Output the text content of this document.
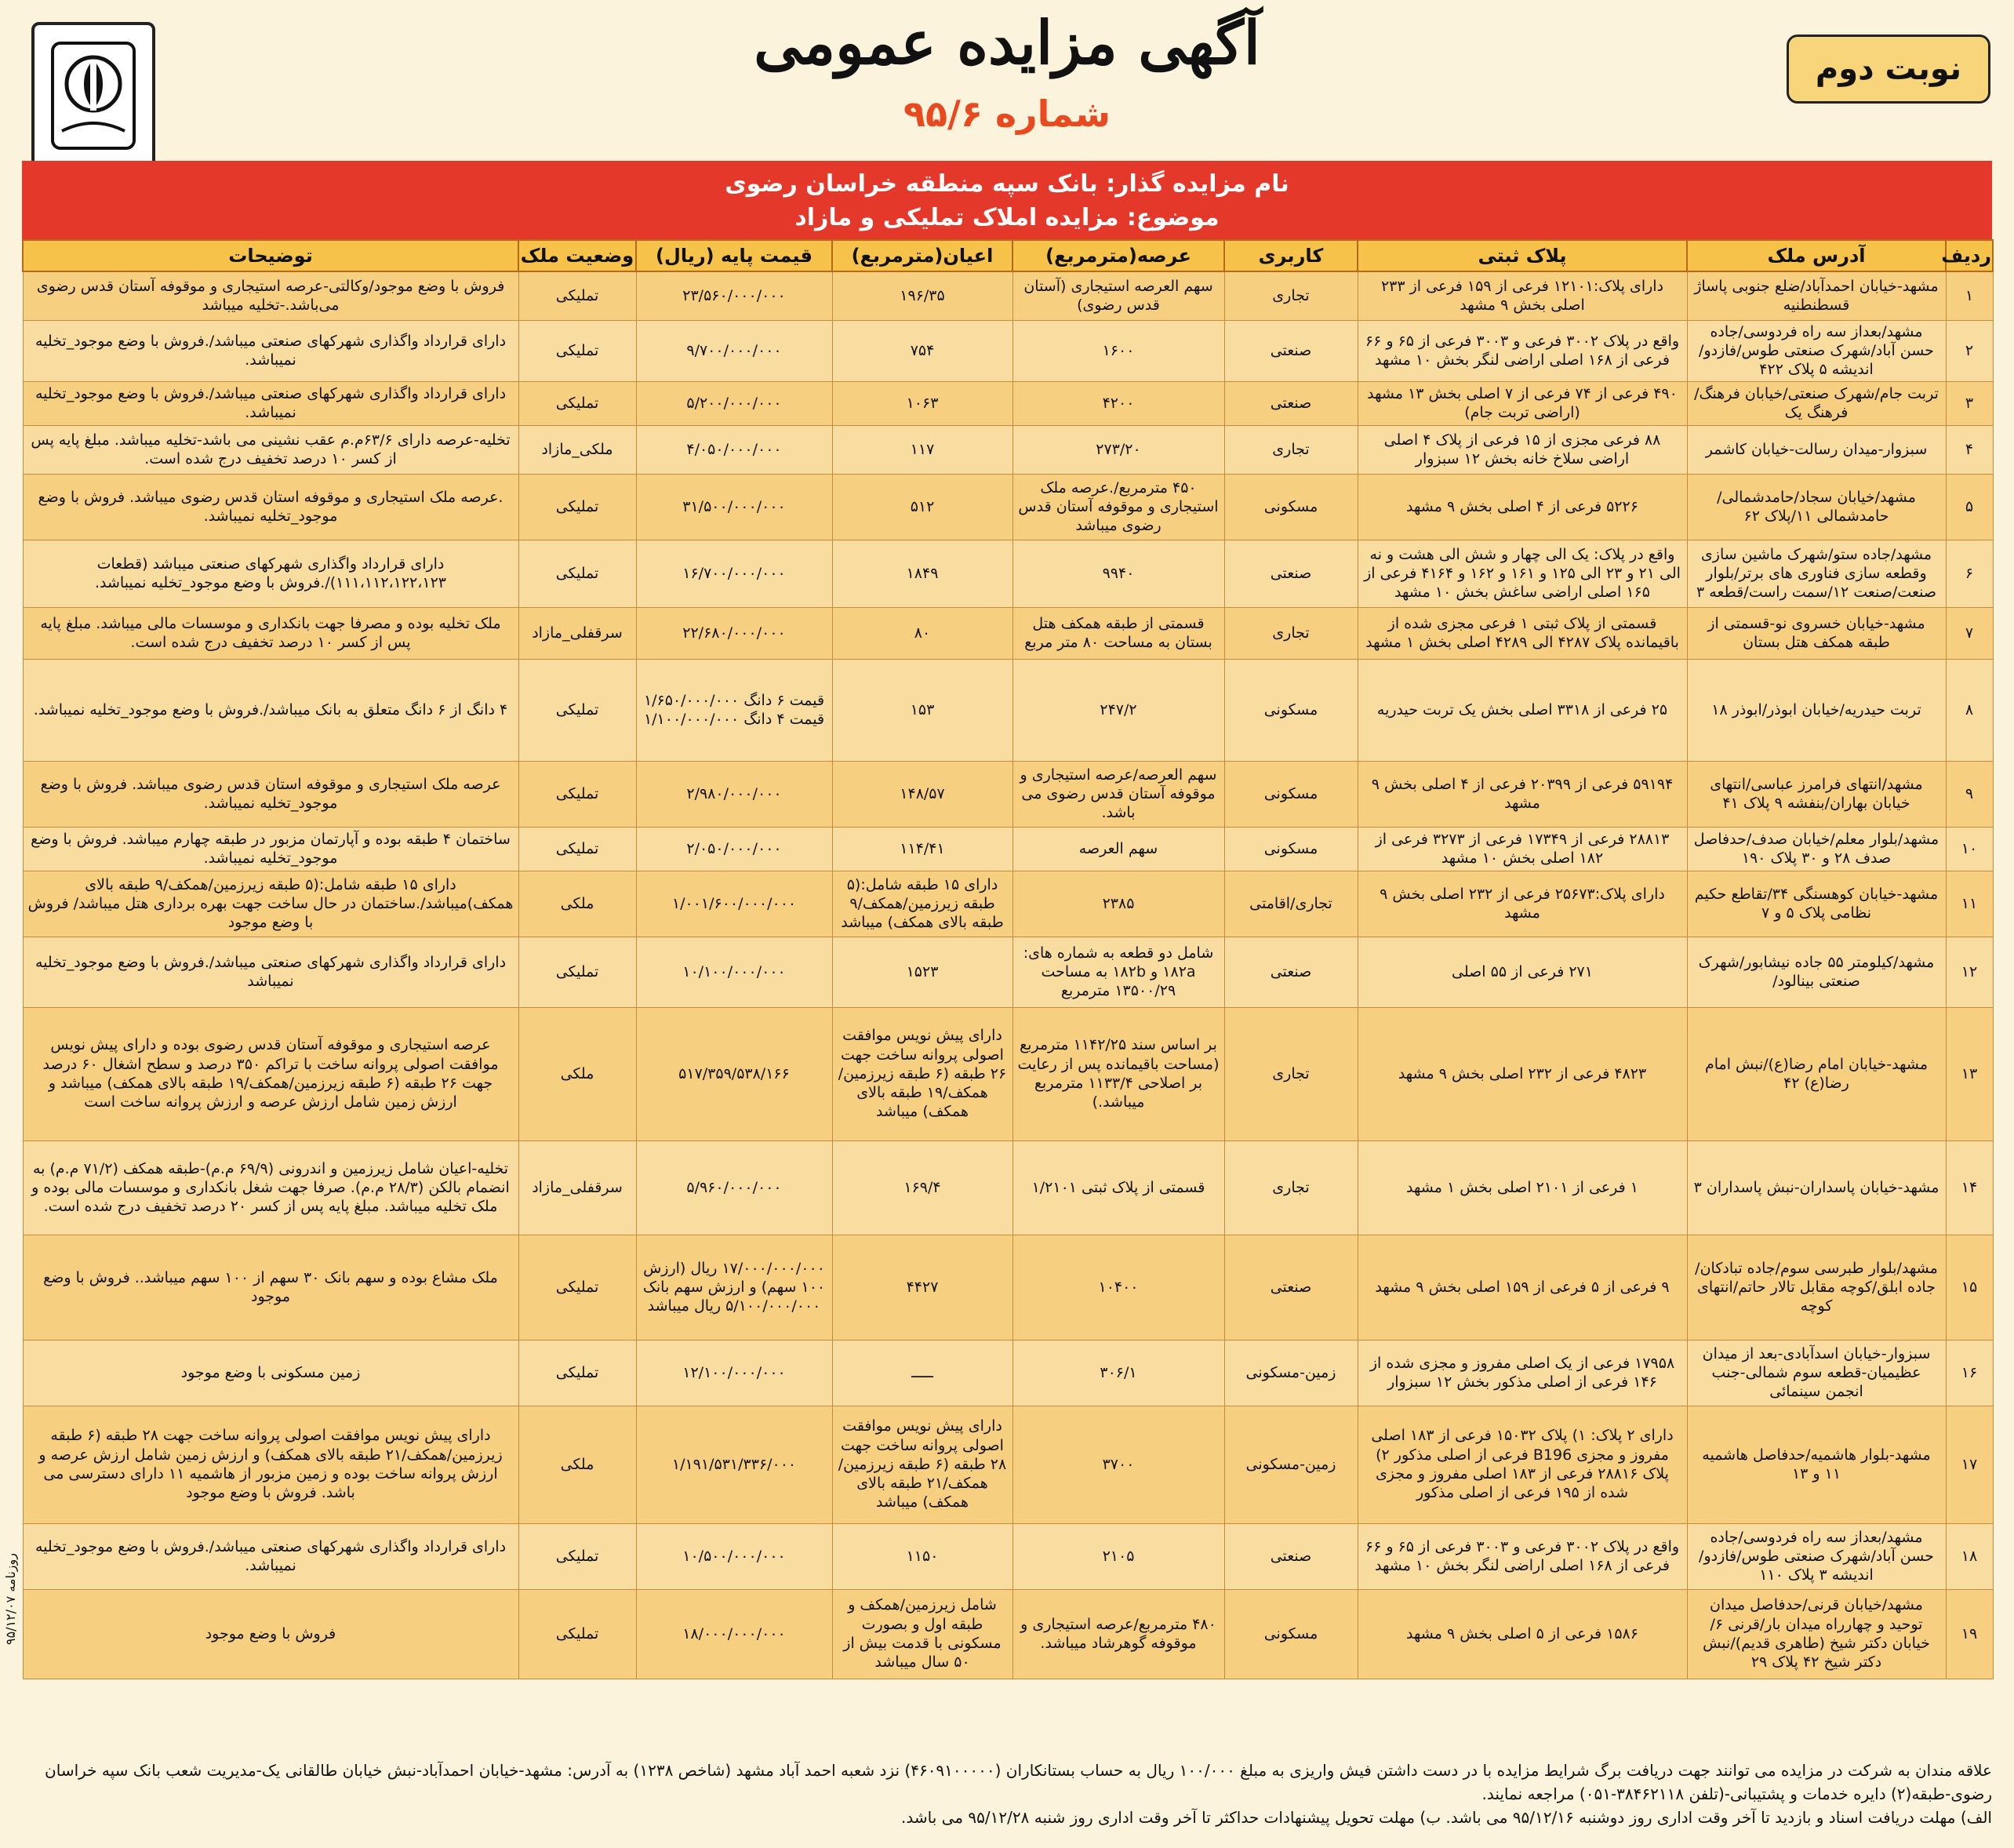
نوبت دوم
آگهی مزایده عمومی
شماره ۹۵/۶
نام مزایده گذار: بانک سپه منطقه خراسان رضوی
موضوع: مزایده املاک تملیکی و مازاد
ردیف	آدرس ملک	پلاک ثبتی	کاربری	عرصه(مترمربع)	اعیان(مترمربع)	قیمت پایه (ریال)	وضعیت ملک	توضیحات
۱	مشهد-خیابان احمدآباد/ضلع جنوبی پاساژ قسطنطنیه	دارای پلاک:۱۲۱۰۱ فرعی از ۱۵۹ فرعی از ۲۳۳ اصلی بخش ۹ مشهد	تجاری	سهم العرصه استیجاری (آستان قدس رضوی)	۱۹۶/۳۵	۲۳/۵۶۰/۰۰۰/۰۰۰	تملیکی	فروش با وضع موجود/وکالتی-عرصه استیجاری و موقوفه آستان قدس رضوی می‌باشد.-تخلیه میباشد
۲	مشهد/بعداز سه راه فردوسی/جاده حسن آباد/شهرک صنعتی طوس/فازدو/اندیشه ۵ پلاک ۴۲۲	واقع در پلاک ۳۰۰۲ فرعی و ۳۰۰۳ فرعی از ۶۵ و ۶۶ فرعی از ۱۶۸ اصلی اراضی لنگر بخش ۱۰ مشهد	صنعتی	۱۶۰۰	۷۵۴	۹/۷۰۰/۰۰۰/۰۰۰	تملیکی	دارای قرارداد واگذاری شهرکهای صنعتی میباشد/.فروش با وضع موجود_تخلیه نمیباشد.
۳	تربت جام/شهرک صنعتی/خیابان فرهنگ/فرهنگ یک	۴۹۰ فرعی از ۷۴ فرعی از ۷ اصلی بخش ۱۳ مشهد (اراضی تربت جام)	صنعتی	۴۲۰۰	۱۰۶۳	۵/۲۰۰/۰۰۰/۰۰۰	تملیکی	دارای قرارداد واگذاری شهرکهای صنعتی میباشد/.فروش با وضع موجود_تخلیه نمیباشد.
۴	سبزوار-میدان رسالت-خیابان کاشمر	۸۸ فرعی مجزی از ۱۵ فرعی از پلاک ۴ اصلی اراضی سلاخ خانه بخش ۱۲ سبزوار	تجاری	۲۷۳/۲۰	۱۱۷	۴/۰۵۰/۰۰۰/۰۰۰	ملکی_مازاد	تخلیه-عرصه دارای ۶۳/۶م.م عقب نشینی می باشد-تخلیه میباشد. مبلغ پایه پس از کسر ۱۰ درصد تخفیف درج شده است.
۵	مشهد/خیابان سجاد/حامدشمالی/حامدشمالی ۱۱/پلاک ۶۲	۵۲۲۶ فرعی از ۴ اصلی بخش ۹ مشهد	مسکونی	۴۵۰ مترمربع/.عرصه ملک استیجاری و موقوفه آستان قدس رضوی میباشد	۵۱۲	۳۱/۵۰۰/۰۰۰/۰۰۰	تملیکی	.عرصه ملک استیجاری و موقوفه استان قدس رضوی میباشد. فروش با وضع موجود_تخلیه نمیباشد.
۶	مشهد/جاده ستو/شهرک ماشین سازی وقطعه سازی فناوری های برتر/بلوار صنعت/صنعت ۱۲/سمت راست/قطعه ۳	واقع در پلاک: یک الی چهار و شش الی هشت و نه الی ۲۱ و ۲۳ الی ۱۲۵ و ۱۶۱ و ۱۶۲ و ۴۱۶۴ فرعی از ۱۶۵ اصلی اراضی ساغش بخش ۱۰ مشهد	صنعتی	۹۹۴۰	۱۸۴۹	۱۶/۷۰۰/۰۰۰/۰۰۰	تملیکی	دارای قرارداد واگذاری شهرکهای صنعتی میباشد (قطعات ۱۱۱،۱۱۲،۱۲۲،۱۲۳)/.فروش با وضع موجود_تخلیه نمیباشد.
۷	مشهد-خیابان خسروی نو-قسمتی از طبقه همکف هتل بستان	قسمتی از پلاک ثبتی ۱ فرعی مجزی شده از باقیمانده پلاک ۴۲۸۷ الی ۴۲۸۹ اصلی بخش ۱ مشهد	تجاری	قسمتی از طبقه همکف هتل بستان به مساحت ۸۰ متر مربع	۸۰	۲۲/۶۸۰/۰۰۰/۰۰۰	سرقفلی_مازاد	ملک تخلیه بوده و مصرفا جهت بانکداری و موسسات مالی میباشد. مبلغ پایه پس از کسر ۱۰ درصد تخفیف درج شده است.
۸	تربت حیدریه/خیابان ابوذر/ابوذر ۱۸	۲۵ فرعی از ۳۳۱۸ اصلی بخش یک تربت حیدریه	مسکونی	۲۴۷/۲	۱۵۳	قیمت ۶ دانگ ۱/۶۵۰/۰۰۰/۰۰۰ قیمت ۴ دانگ ۱/۱۰۰/۰۰۰/۰۰۰	تملیکی	۴ دانگ از ۶ دانگ متعلق به بانک میباشد/.فروش با وضع موجود_تخلیه نمیباشد.
۹	مشهد/انتهای فرامرز عباسی/انتهای خیابان بهاران/بنفشه ۹ پلاک ۴۱	۵۹۱۹۴ فرعی از ۲۰۳۹۹ فرعی از ۴ اصلی بخش ۹ مشهد	مسکونی	سهم العرصه/عرصه استیجاری و موقوفه آستان قدس رضوی می باشد.	۱۴۸/۵۷	۲/۹۸۰/۰۰۰/۰۰۰	تملیکی	عرصه ملک استیجاری و موقوفه استان قدس رضوی میباشد. فروش با وضع موجود_تخلیه نمیباشد.
۱۰	مشهد/بلوار معلم/خیابان صدف/حدفاصل صدف ۲۸ و ۳۰ پلاک ۱۹۰	۲۸۸۱۳ فرعی از ۱۷۳۴۹ فرعی از ۳۲۷۳ فرعی از ۱۸۲ اصلی بخش ۱۰ مشهد	مسکونی	سهم العرصه	۱۱۴/۴۱	۲/۰۵۰/۰۰۰/۰۰۰	تملیکی	ساختمان ۴ طبقه بوده و آپارتمان مزبور در طبقه چهارم میباشد. فروش با وضع موجود_تخلیه نمیباشد.
۱۱	مشهد-خیابان کوهسنگی ۳۴/تقاطع حکیم نظامی پلاک ۵ و ۷	دارای پلاک:۲۵۶۷۳ فرعی از ۲۳۲ اصلی بخش ۹ مشهد	تجاری/اقامتی	۲۳۸۵	دارای ۱۵ طبقه شامل:(۵ طبقه زیرزمین/همکف/۹ طبقه بالای همکف) میباشد	۱/۰۰۱/۶۰۰/۰۰۰/۰۰۰	ملکی	دارای ۱۵ طبقه شامل:(۵ طبقه زیرزمین/همکف/۹ طبقه بالای همکف)میباشد/.ساختمان در حال ساخت جهت بهره برداری هتل میباشد/ فروش با وضع موجود
۱۲	مشهد/کیلومتر ۵۵ جاده نیشابور/شهرک صنعتی بینالود/	۲۷۱ فرعی از ۵۵ اصلی	صنعتی	شامل دو قطعه به شماره های: ۱۸۲a و ۱۸۲b به مساحت ۱۳۵۰۰/۲۹ مترمربع	۱۵۲۳	۱۰/۱۰۰/۰۰۰/۰۰۰	تملیکی	دارای قرارداد واگذاری شهرکهای صنعتی میباشد/.فروش با وضع موجود_تخلیه نمیباشد
۱۳	مشهد-خیابان امام رضا(ع)/نبش امام رضا(ع) ۴۲	۴۸۲۳ فرعی از ۲۳۲ اصلی بخش ۹ مشهد	تجاری	بر اساس سند ۱۱۴۲/۲۵ مترمربع (مساحت باقیمانده پس از رعایت بر اصلاحی ۱۱۳۳/۴ مترمربع میباشد.)	دارای پیش نویس موافقت اصولی پروانه ساخت جهت ۲۶ طبقه (۶ طبقه زیرزمین/همکف/۱۹ طبقه بالای همکف) میباشد	۵۱۷/۳۵۹/۵۳۸/۱۶۶	ملکی	عرصه استیجاری و موقوفه آستان قدس رضوی بوده و دارای پیش نویس موافقت اصولی پروانه ساخت با تراکم ۳۵۰ درصد و سطح اشغال ۶۰ درصد جهت ۲۶ طبقه (۶ طبقه زیرزمین/همکف/۱۹ طبقه بالای همکف) میباشد و ارزش زمین شامل ارزش عرصه و ارزش پروانه ساخت است
۱۴	مشهد-خیابان پاسداران-نبش پاسداران ۳	۱ فرعی از ۲۱۰۱ اصلی بخش ۱ مشهد	تجاری	قسمتی از پلاک ثبتی ۱/۲۱۰۱	۱۶۹/۴	۵/۹۶۰/۰۰۰/۰۰۰	سرقفلی_مازاد	تخلیه-اعیان شامل زیرزمین و اندرونی (۶۹/۹ م.م)-طبقه همکف (۷۱/۲ م.م) به انضمام بالکن (۲۸/۳ م.م). صرفا جهت شغل بانکداری و موسسات مالی بوده و ملک تخلیه میباشد. مبلغ پایه پس از کسر ۲۰ درصد تخفیف درج شده است.
۱۵	مشهد/بلوار طبرسی سوم/جاده تبادکان/جاده ابلق/کوچه مقابل تالار حاتم/انتهای کوچه	۹ فرعی از ۵ فرعی از ۱۵۹ اصلی بخش ۹ مشهد	صنعتی	۱۰۴۰۰	۴۴۲۷	۱۷/۰۰۰/۰۰۰/۰۰۰ ریال (ارزش ۱۰۰ سهم) و ارزش سهم بانک ۵/۱۰۰/۰۰۰/۰۰۰ ریال میباشد	تملیکی	ملک مشاع بوده و سهم بانک ۳۰ سهم از ۱۰۰ سهم میباشد.. فروش با وضع موجود
۱۶	سبزوار-خیابان اسدآبادی-بعد از میدان عظیمیان-قطعه سوم شمالی-جنب انجمن سینمائی	۱۷۹۵۸ فرعی از یک اصلی مفروز و مجزی شده از ۱۴۶ فرعی از اصلی مذکور بخش ۱۲ سبزوار	زمین-مسکونی	۳۰۶/۱	ـــــ	۱۲/۱۰۰/۰۰۰/۰۰۰	تملیکی	زمین مسکونی با وضع موجود
۱۷	مشهد-بلوار هاشمیه/حدفاصل هاشمیه ۱۱ و ۱۳	دارای ۲ پلاک: ۱) پلاک ۱۵۰۳۲ فرعی از ۱۸۳ اصلی مفروز و مجزی B196 فرعی از اصلی مذکور ۲) پلاک ۲۸۸۱۶ فرعی از ۱۸۳ اصلی مفروز و مجزی شده از ۱۹۵ فرعی از اصلی مذکور	زمین-مسکونی	۳۷۰۰	دارای پیش نویس موافقت اصولی پروانه ساخت جهت ۲۸ طبقه (۶ طبقه زیرزمین/همکف/۲۱ طبقه بالای همکف) میباشد	۱/۱۹۱/۵۳۱/۳۳۶/۰۰۰	ملکی	دارای پیش نویس موافقت اصولی پروانه ساخت جهت ۲۸ طبقه (۶ طبقه زیرزمین/همکف/۲۱ طبقه بالای همکف) و ارزش زمین شامل ارزش عرصه و ارزش پروانه ساخت بوده و زمین مزبور از هاشمیه ۱۱ دارای دسترسی می باشد. فروش با وضع موجود
۱۸	مشهد/بعداز سه راه فردوسی/جاده حسن آباد/شهرک صنعتی طوس/فازدو/اندیشه ۳ پلاک ۱۱۰	واقع در پلاک ۳۰۰۲ فرعی و ۳۰۰۳ فرعی از ۶۵ و ۶۶ فرعی از ۱۶۸ اصلی اراضی لنگر بخش ۱۰ مشهد	صنعتی	۲۱۰۵	۱۱۵۰	۱۰/۵۰۰/۰۰۰/۰۰۰	تملیکی	دارای قرارداد واگذاری شهرکهای صنعتی میباشد/.فروش با وضع موجود_تخلیه نمیباشد.
۱۹	مشهد/خیابان قرنی/حدفاصل میدان توحید و چهارراه میدان بار/قرنی ۶/خیابان دکتر شیخ (طاهری قدیم)/نبش دکتر شیخ ۴۲ پلاک ۲۹	۱۵۸۶ فرعی از ۵ اصلی بخش ۹ مشهد	مسکونی	۴۸۰ مترمربع/عرصه استیجاری و موقوفه گوهرشاد میباشد.	شامل زیرزمین/همکف و طبقه اول و بصورت مسکونی با قدمت بیش از ۵۰ سال میباشد	۱۸/۰۰۰/۰۰۰/۰۰۰	تملیکی	فروش با وضع موجود

علاقه مندان به شرکت در مزایده می توانند جهت دریافت برگ شرایط مزایده با در دست داشتن فیش واریزی به مبلغ ۱۰۰/۰۰۰ ریال به حساب بستانکاران (۴۶۰۹۱۰۰۰۰۰) نزد شعبه احمد آباد مشهد (شاخص ۱۲۳۸) به آدرس: مشهد-خیابان احمدآباد-نبش خیابان طالقانی یک-مدیریت شعب بانک سپه خراسان

رضوی-طبقه(۲) دایره خدمات و پشتیبانی-(تلفن ۳۸۴۶۲۱۱۸-۰۵۱) مراجعه نمایند.

الف) مهلت دریافت اسناد و بازدید تا آخر وقت اداری روز دوشنبه ۹۵/۱۲/۱۶ می باشد. ب) مهلت تحویل پیشنهادات حداکثر تا آخر وقت اداری روز شنبه ۹۵/۱۲/۲۸ می باشد.

روزنامه ۹۵/۱۲/۰۷
